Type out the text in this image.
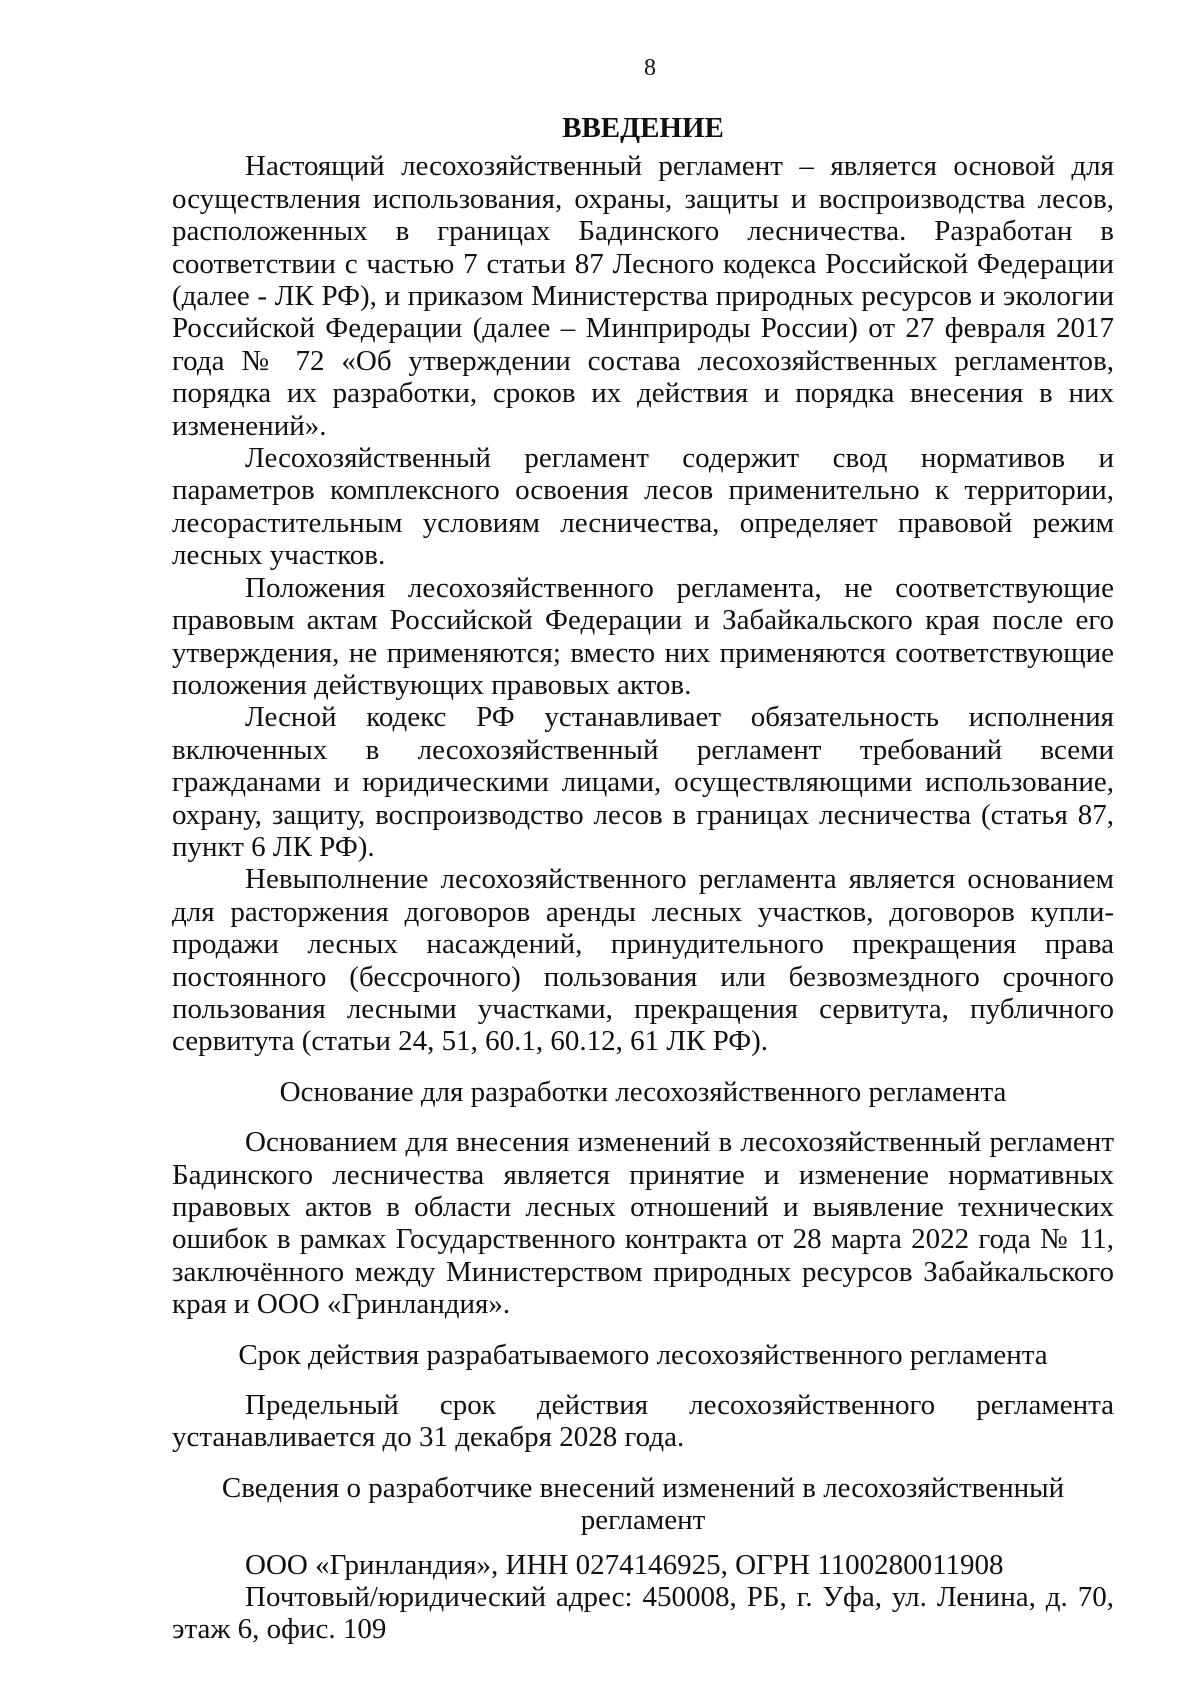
8
ВВЕДЕНИЕ

Настоящий лесохозяйственный регламент – является основой для осуществления использования, охраны, защиты и воспроизводства лесов, расположенных в границах Бадинского лесничества. Разработан в соответствии с частью 7 статьи 87 Лесного кодекса Российской Федерации (далее - ЛК РФ), и приказом Министерства природных ресурсов и экологии Российской Федерации (далее – Минприроды России) от 27 февраля 2017 года № 72 «Об утверждении состава лесохозяйственных регламентов, порядка их разработки, сроков их действия и порядка внесения в них изменений».

Лесохозяйственный регламент содержит свод нормативов и параметров комплексного освоения лесов применительно к территории, лесорастительным условиям лесничества, определяет правовой режим лесных участков.

Положения лесохозяйственного регламента, не соответствующие правовым актам Российской Федерации и Забайкальского края после его утверждения, не применяются; вместо них применяются соответствующие положения действующих правовых актов.

Лесной кодекс РФ устанавливает обязательность исполнения включенных в лесохозяйственный регламент требований всеми гражданами и юридическими лицами, осуществляющими использование, охрану, защиту, воспроизводство лесов в границах лесничества (статья 87, пункт 6 ЛК РФ).

Невыполнение лесохозяйственного регламента является основанием для расторжения договоров аренды лесных участков, договоров купли-продажи лесных насаждений, принудительного прекращения права постоянного (бессрочного) пользования или безвозмездного срочного пользования лесными участками, прекращения сервитута, публичного сервитута (статьи 24, 51, 60.1, 60.12, 61 ЛК РФ).

Основание для разработки лесохозяйственного регламента

Основанием для внесения изменений в лесохозяйственный регламент Бадинского лесничества является принятие и изменение нормативных правовых актов в области лесных отношений и выявление технических ошибок в рамках Государственного контракта от 28 марта 2022 года № 11, заключённого между Министерством природных ресурсов Забайкальского края и ООО «Гринландия».

Срок действия разрабатываемого лесохозяйственного регламента

Предельный срок действия лесохозяйственного регламента устанавливается до 31 декабря 2028 года.

Сведения о разработчике внесений изменений в лесохозяйственный регламент

ООО «Гринландия», ИНН 0274146925, ОГРН 1100280011908

Почтовый/юридический адрес: 450008, РБ, г. Уфа, ул. Ленина, д. 70, этаж 6, офис. 109
